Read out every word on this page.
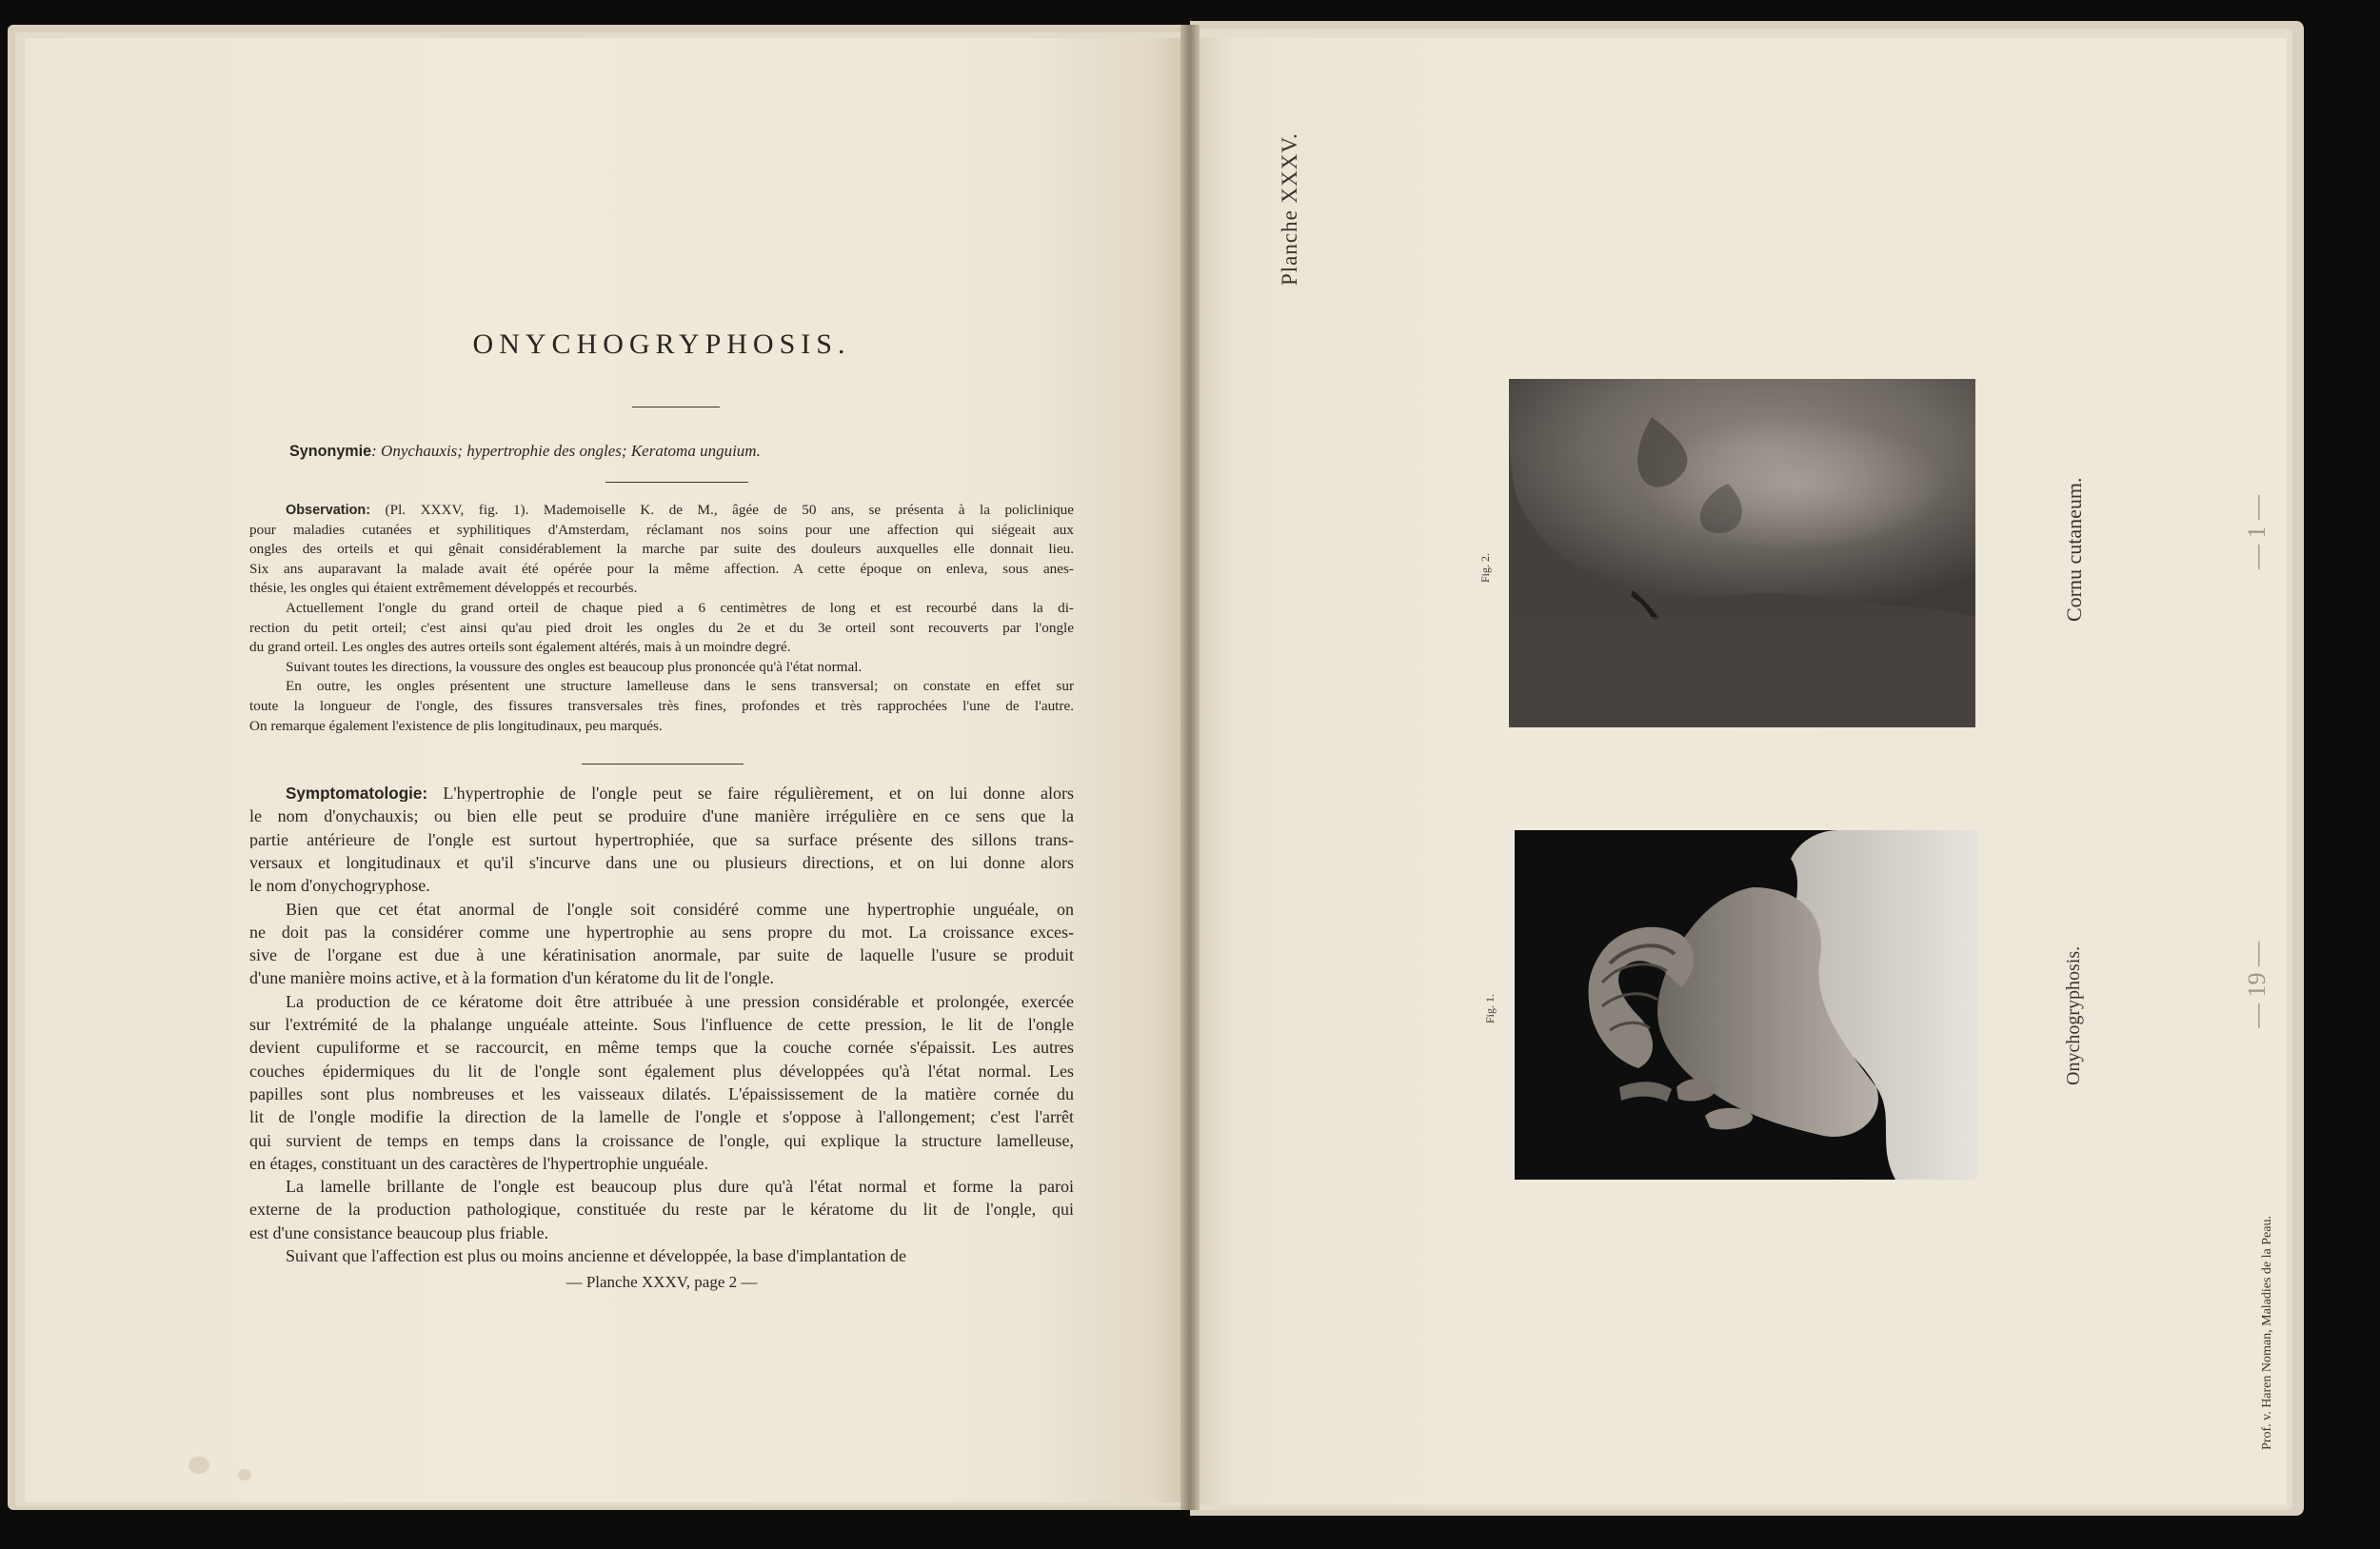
ONYCHOGRYPHOSIS.
Synonymie: Onychauxis; hypertrophie des ongles; Keratoma unguium.
Observation: (Pl. XXXV, fig. 1). Mademoiselle K. de M., âgée de 50 ans, se présenta à la policlinique
pour maladies cutanées et syphilitiques d'Amsterdam, réclamant nos soins pour une affection qui siégeait aux
ongles des orteils et qui gênait considérablement la marche par suite des douleurs auxquelles elle donnait lieu.
Six ans auparavant la malade avait été opérée pour la même affection. A cette époque on enleva, sous anes-
thésie, les ongles qui étaient extrêmement développés et recourbés.
Actuellement l'ongle du grand orteil de chaque pied a 6 centimètres de long et est recourbé dans la di-
rection du petit orteil; c'est ainsi qu'au pied droit les ongles du 2e et du 3e orteil sont recouverts par l'ongle
du grand orteil. Les ongles des autres orteils sont également altérés, mais à un moindre degré.
Suivant toutes les directions, la voussure des ongles est beaucoup plus prononcée qu'à l'état normal.
En outre, les ongles présentent une structure lamelleuse dans le sens transversal; on constate en effet sur
toute la longueur de l'ongle, des fissures transversales très fines, profondes et très rapprochées l'une de l'autre.
On remarque également l'existence de plis longitudinaux, peu marqués.
Symptomatologie: L'hypertrophie de l'ongle peut se faire régulièrement, et on lui donne alors
le nom d'onychauxis; ou bien elle peut se produire d'une manière irrégulière en ce sens que la
partie antérieure de l'ongle est surtout hypertrophiée, que sa surface présente des sillons trans-
versaux et longitudinaux et qu'il s'incurve dans une ou plusieurs directions, et on lui donne alors
le nom d'onychogryphose.
Bien que cet état anormal de l'ongle soit considéré comme une hypertrophie unguéale, on
ne doit pas la considérer comme une hypertrophie au sens propre du mot. La croissance exces-
sive de l'organe est due à une kératinisation anormale, par suite de laquelle l'usure se produit
d'une manière moins active, et à la formation d'un kératome du lit de l'ongle.
La production de ce kératome doit être attribuée à une pression considérable et prolongée, exercée
sur l'extrémité de la phalange unguéale atteinte. Sous l'influence de cette pression, le lit de l'ongle
devient cupuliforme et se raccourcit, en même temps que la couche cornée s'épaissit. Les autres
couches épidermiques du lit de l'ongle sont également plus développées qu'à l'état normal. Les
papilles sont plus nombreuses et les vaisseaux dilatés. L'épaississement de la matière cornée du
lit de l'ongle modifie la direction de la lamelle de l'ongle et s'oppose à l'allongement; c'est l'arrêt
qui survient de temps en temps dans la croissance de l'ongle, qui explique la structure lamelleuse,
en étages, constituant un des caractères de l'hypertrophie unguéale.
La lamelle brillante de l'ongle est beaucoup plus dure qu'à l'état normal et forme la paroi
externe de la production pathologique, constituée du reste par le kératome du lit de l'ongle, qui
est d'une consistance beaucoup plus friable.
Suivant que l'affection est plus ou moins ancienne et développée, la base d'implantation de
— Planche XXXV, page 2 —
Planche XXXV.
Fig. 2.
Fig. 1.
Cornu cutaneum.
Onychogryphosis.
Prof. v. Haren Noman, Maladies de la Peau.
— 1 —
— 19 —
